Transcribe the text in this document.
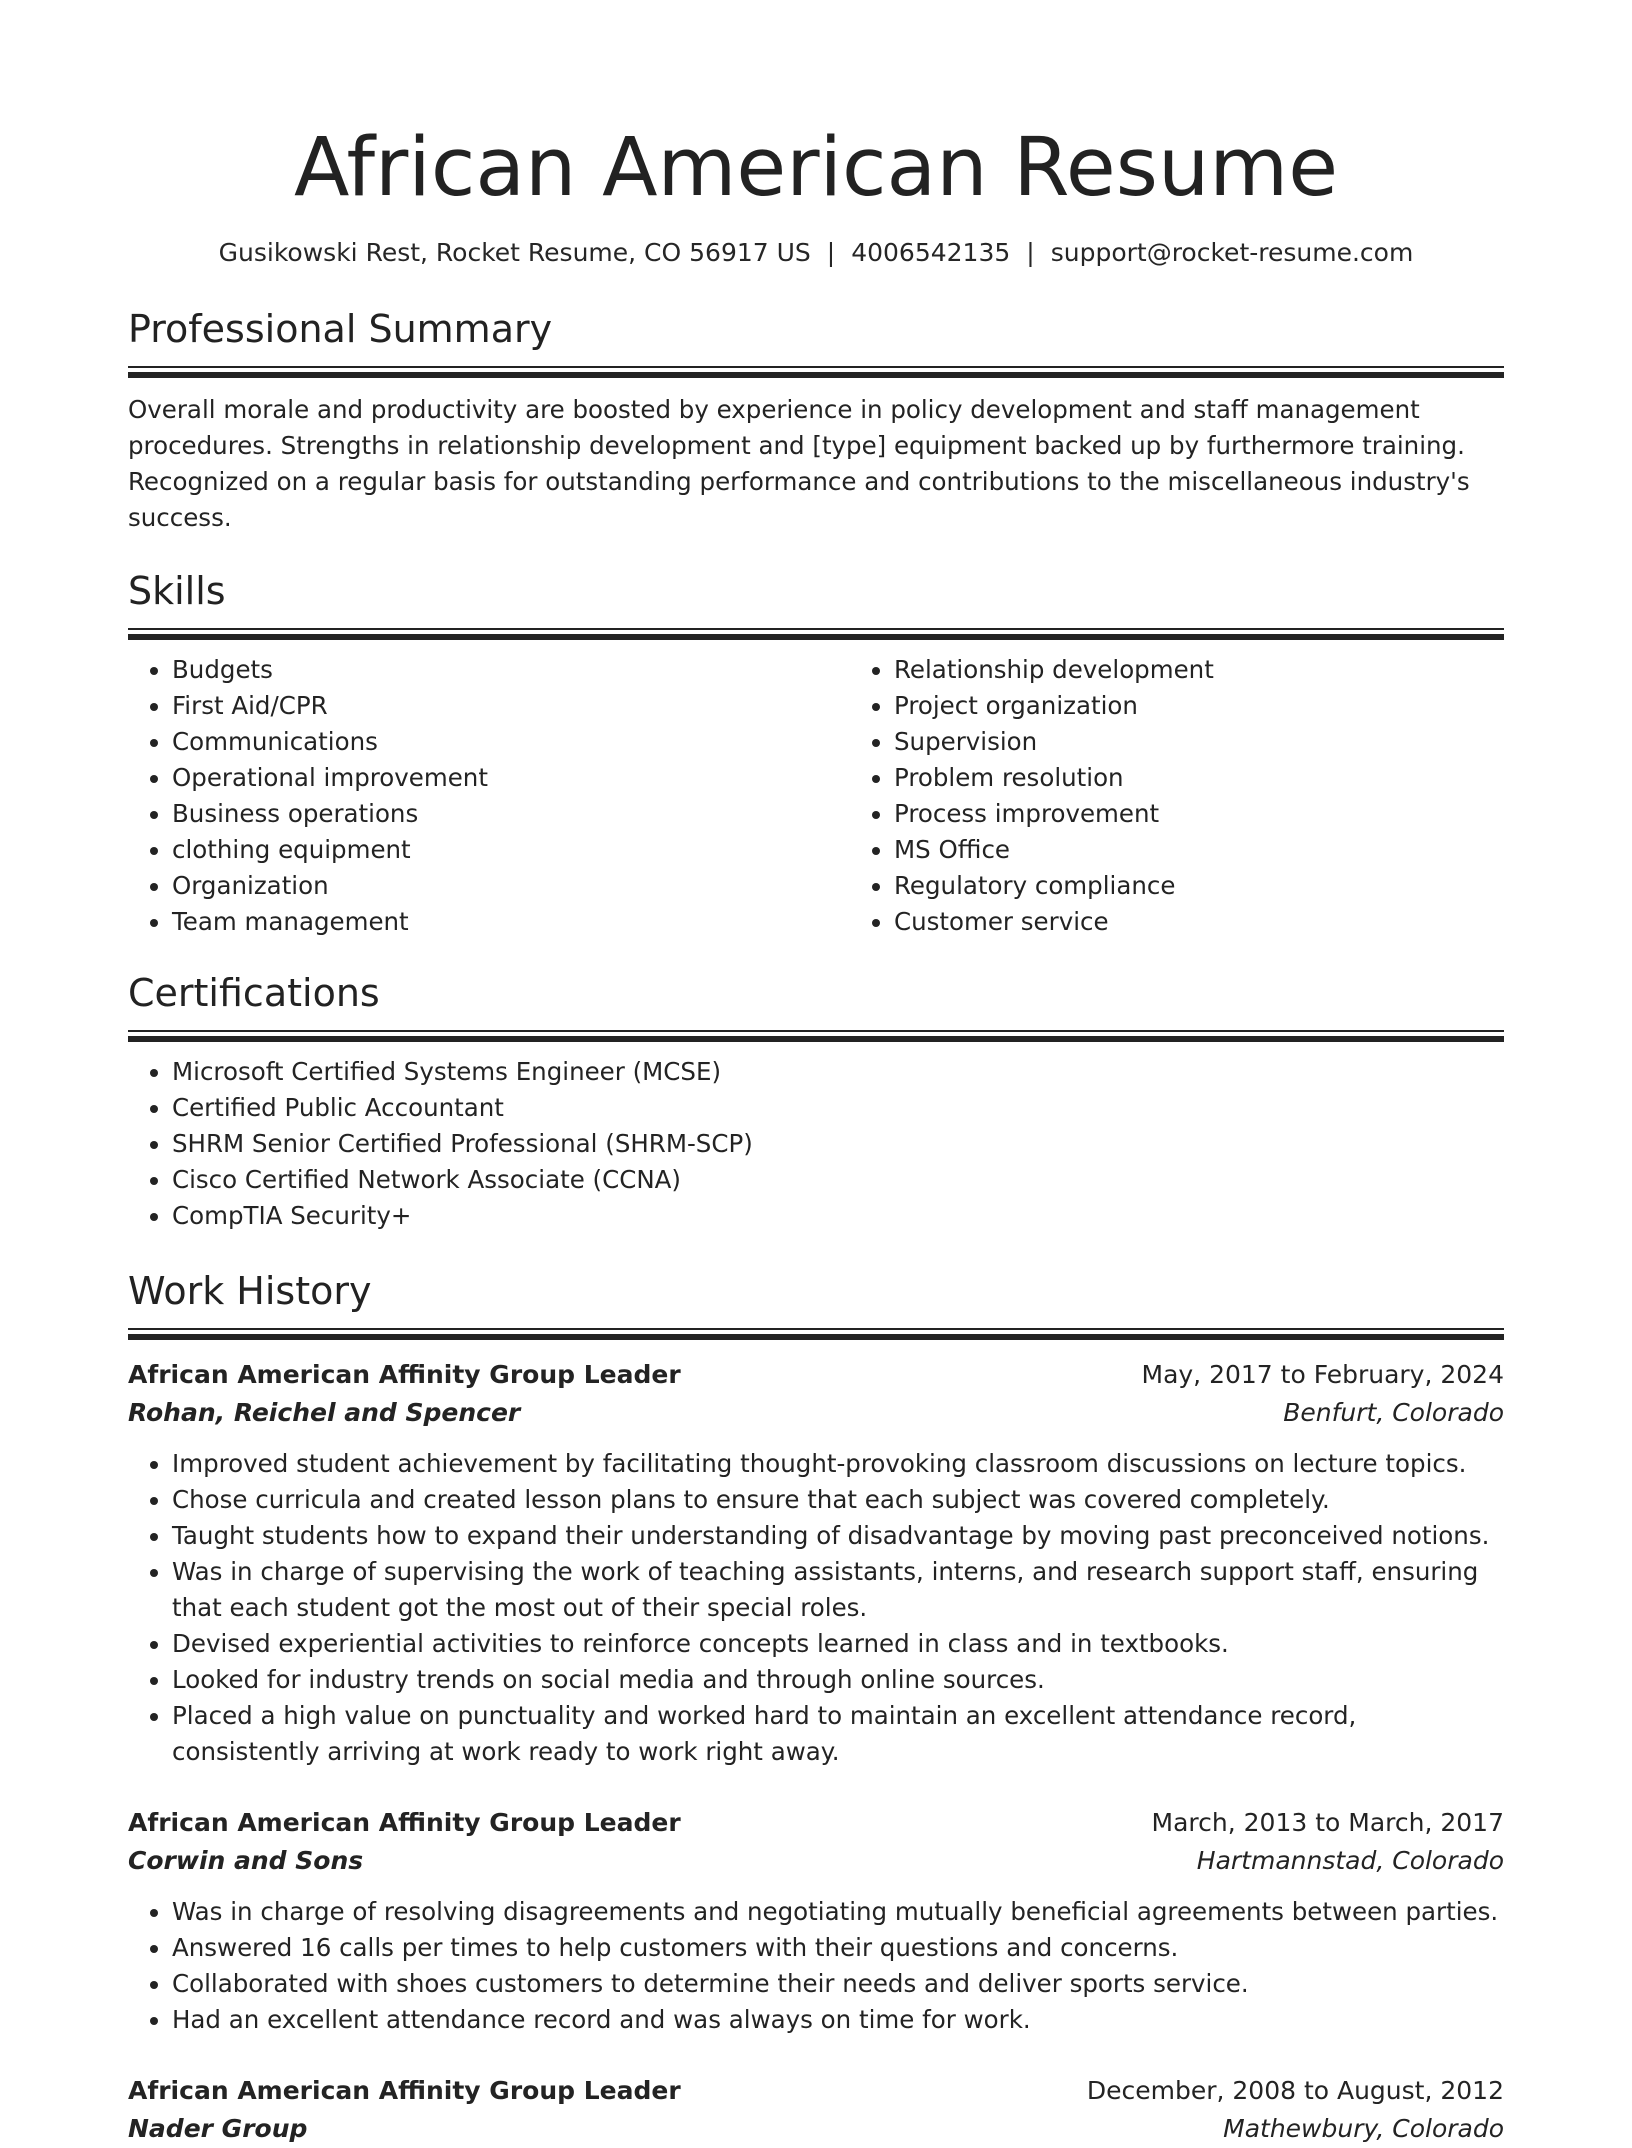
African American Resume
Gusikowski Rest, Rocket Resume, CO 56917 US | 4006542135 | support@rocket-resume.com
Professional Summary
Overall morale and productivity are boosted by experience in policy development and staff management procedures. Strengths in relationship development and [type] equipment backed up by furthermore training. Recognized on a regular basis for outstanding performance and contributions to the miscellaneous industry's success.
Skills
• Budgets
• First Aid/CPR
• Communications
• Operational improvement
• Business operations
• clothing equipment
• Organization
• Team management
• Relationship development
• Project organization
• Supervision
• Problem resolution
• Process improvement
• MS Office
• Regulatory compliance
• Customer service
Certifications
• Microsoft Certified Systems Engineer (MCSE)
• Certified Public Accountant
• SHRM Senior Certified Professional (SHRM-SCP)
• Cisco Certified Network Associate (CCNA)
• CompTIA Security+
Work History
African American Affinity Group Leader	May, 2017 to February, 2024
Rohan, Reichel and Spencer	Benfurt, Colorado
• Improved student achievement by facilitating thought-provoking classroom discussions on lecture topics.
• Chose curricula and created lesson plans to ensure that each subject was covered completely.
• Taught students how to expand their understanding of disadvantage by moving past preconceived notions.
• Was in charge of supervising the work of teaching assistants, interns, and research support staff, ensuring that each student got the most out of their special roles.
• Devised experiential activities to reinforce concepts learned in class and in textbooks.
• Looked for industry trends on social media and through online sources.
• Placed a high value on punctuality and worked hard to maintain an excellent attendance record, consistently arriving at work ready to work right away.
African American Affinity Group Leader	March, 2013 to March, 2017
Corwin and Sons	Hartmannstad, Colorado
• Was in charge of resolving disagreements and negotiating mutually beneficial agreements between parties.
• Answered 16 calls per times to help customers with their questions and concerns.
• Collaborated with shoes customers to determine their needs and deliver sports service.
• Had an excellent attendance record and was always on time for work.
African American Affinity Group Leader	December, 2008 to August, 2012
Nader Group	Mathewbury, Colorado
